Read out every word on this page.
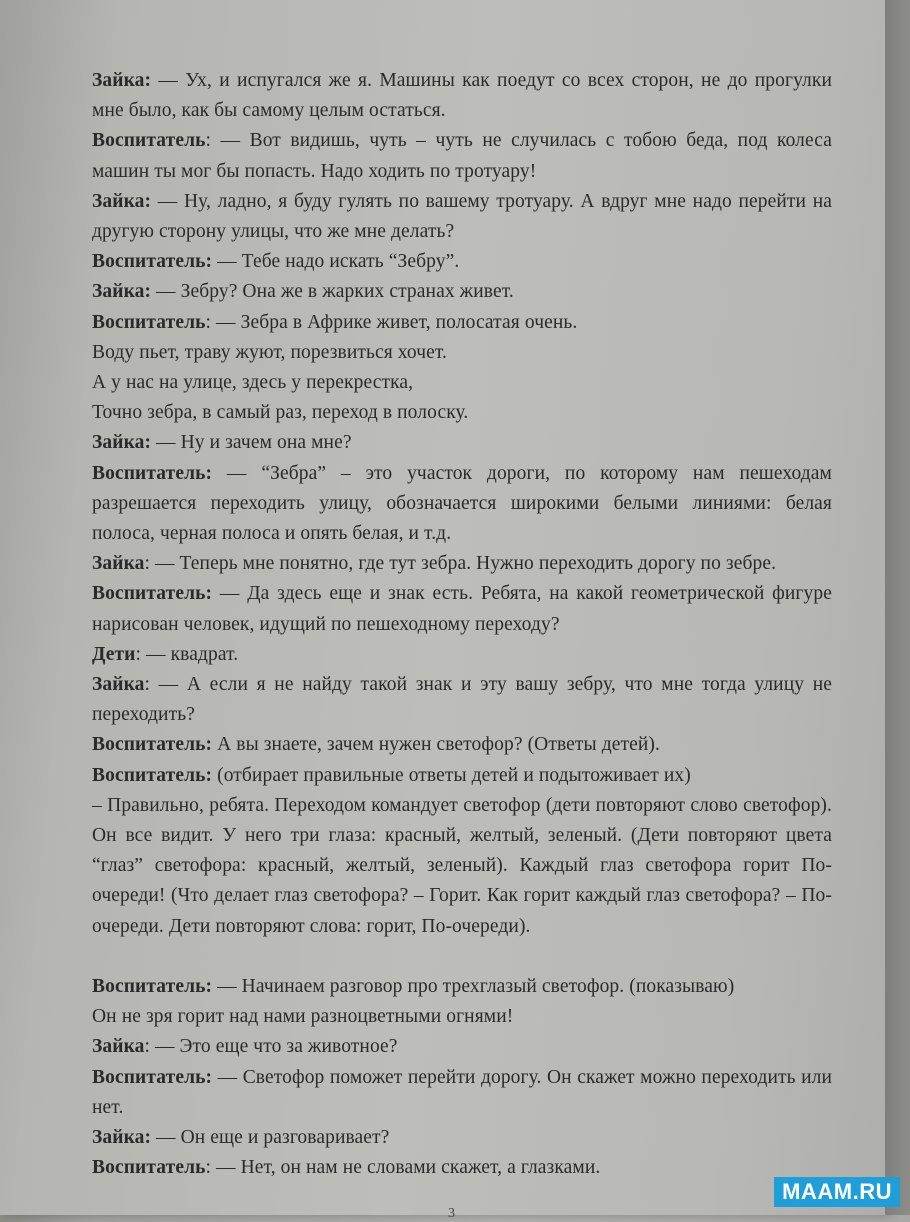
Зайка: — Ух, и испугался же я. Машины как поедут со всех сторон, не до прогулки мне было, как бы самому целым остаться.
Воспитатель: — Вот видишь, чуть – чуть не случилась с тобою беда, под колеса машин ты мог бы попасть. Надо ходить по тротуару!
Зайка: — Ну, ладно, я буду гулять по вашему тротуару. А вдруг мне надо перейти на другую сторону улицы, что же мне делать?
Воспитатель: — Тебе надо искать “Зебру”.
Зайка: — Зебру? Она же в жарких странах живет.
Воспитатель: — Зебра в Африке живет, полосатая очень.
Воду пьет, траву жуют, порезвиться хочет.
А у нас на улице, здесь у перекрестка,
Точно зебра, в самый раз, переход в полоску.
Зайка: — Ну и зачем она мне?
Воспитатель: — “Зебра” – это участок дороги, по которому нам пешеходам разрешается переходить улицу, обозначается широкими белыми линиями: белая полоса, черная полоса и опять белая, и т.д.
Зайка: — Теперь мне понятно, где тут зебра. Нужно переходить дорогу по зебре.
Воспитатель: — Да здесь еще и знак есть. Ребята, на какой геометрической фигуре нарисован человек, идущий по пешеходному переходу?
Дети: — квадрат.
Зайка: — А если я не найду такой знак и эту вашу зебру, что мне тогда улицу не переходить?
Воспитатель: А вы знаете, зачем нужен светофор? (Ответы детей).
Воспитатель: (отбирает правильные ответы детей и подытоживает их)
– Правильно, ребята. Переходом командует светофор (дети повторяют слово светофор). Он все видит. У него три глаза: красный, желтый, зеленый. (Дети повторяют цвета “глаз” светофора: красный, желтый, зеленый). Каждый глаз светофора горит По-очереди! (Что делает глаз светофора? – Горит. Как горит каждый глаз светофора? – По-очереди. Дети повторяют слова: горит, По-очереди).
Воспитатель: — Начинаем разговор про трехглазый светофор. (показываю)
Он не зря горит над нами разноцветными огнями!
Зайка: — Это еще что за животное?
Воспитатель: — Светофор поможет перейти дорогу. Он скажет можно переходить или нет.
Зайка: — Он еще и разговаривает?
Воспитатель: — Нет, он нам не словами скажет, а глазками.
3
MAAM.RU
